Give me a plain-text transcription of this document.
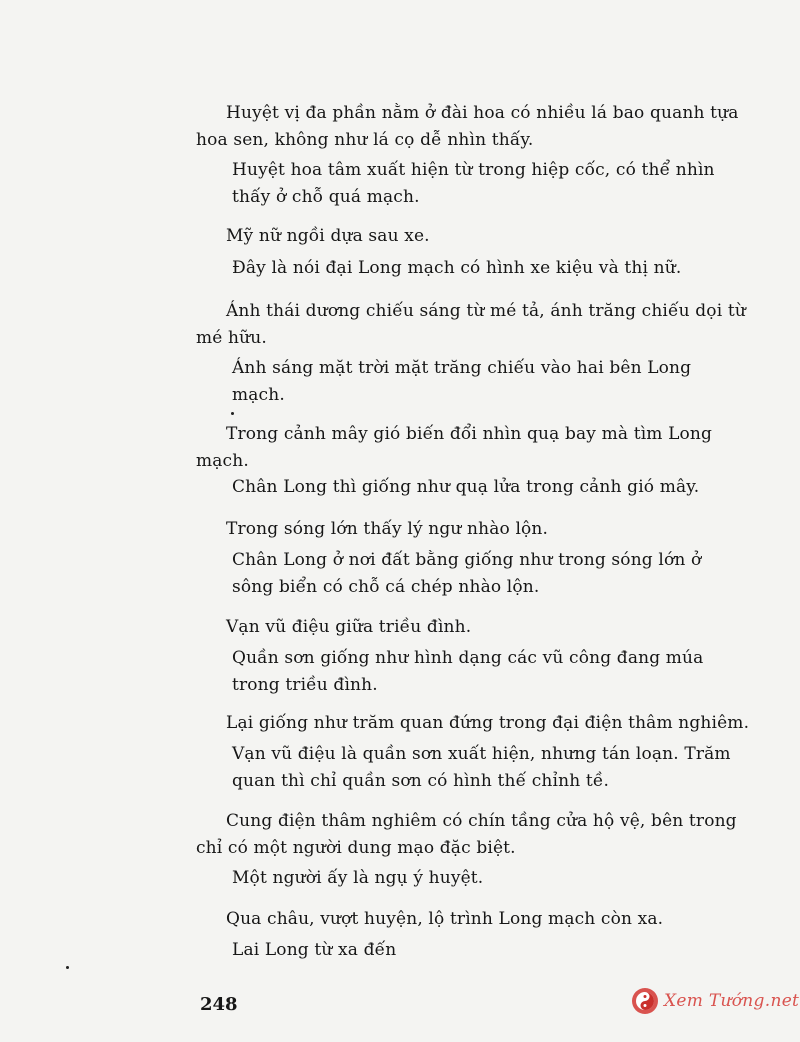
Huyệt vị đa phần nằm ở đài hoa có nhiều lá bao quanh tựa
hoa sen, không như lá cọ dễ nhìn thấy.

Huyệt hoa tâm xuất hiện từ trong hiệp cốc, có thể nhìn
thấy ở chỗ quá mạch.

Mỹ nữ ngồi dựa sau xe.

Đây là nói đại Long mạch có hình xe kiệu và thị nữ.

Ánh thái dương chiếu sáng từ mé tả, ánh trăng chiếu dọi từ
mé hữu.

Ánh sáng mặt trời mặt trăng chiếu vào hai bên Long
mạch.

Trong cảnh mây gió biến đổi nhìn quạ bay mà tìm Long
mạch.

Chân Long thì giống như quạ lửa trong cảnh gió mây.

Trong sóng lớn thấy lý ngư nhào lộn.

Chân Long ở nơi đất bằng giống như trong sóng lớn ở
sông biển có chỗ cá chép nhào lộn.

Vạn vũ điệu giữa triều đình.

Quần sơn giống như hình dạng các vũ công đang múa
trong triều đình.

Lại giống như trăm quan đứng trong đại điện thâm nghiêm.

Vạn vũ điệu là quần sơn xuất hiện, nhưng tán loạn. Trăm
quan thì chỉ quần sơn có hình thế chỉnh tề.

Cung điện thâm nghiêm có chín tầng cửa hộ vệ, bên trong
chỉ có một người dung mạo đặc biệt.

Một người ấy là ngụ ý huyệt.

Qua châu, vượt huyện, lộ trình Long mạch còn xa.

Lai Long từ xa đến

248	Xem Tướng.net
